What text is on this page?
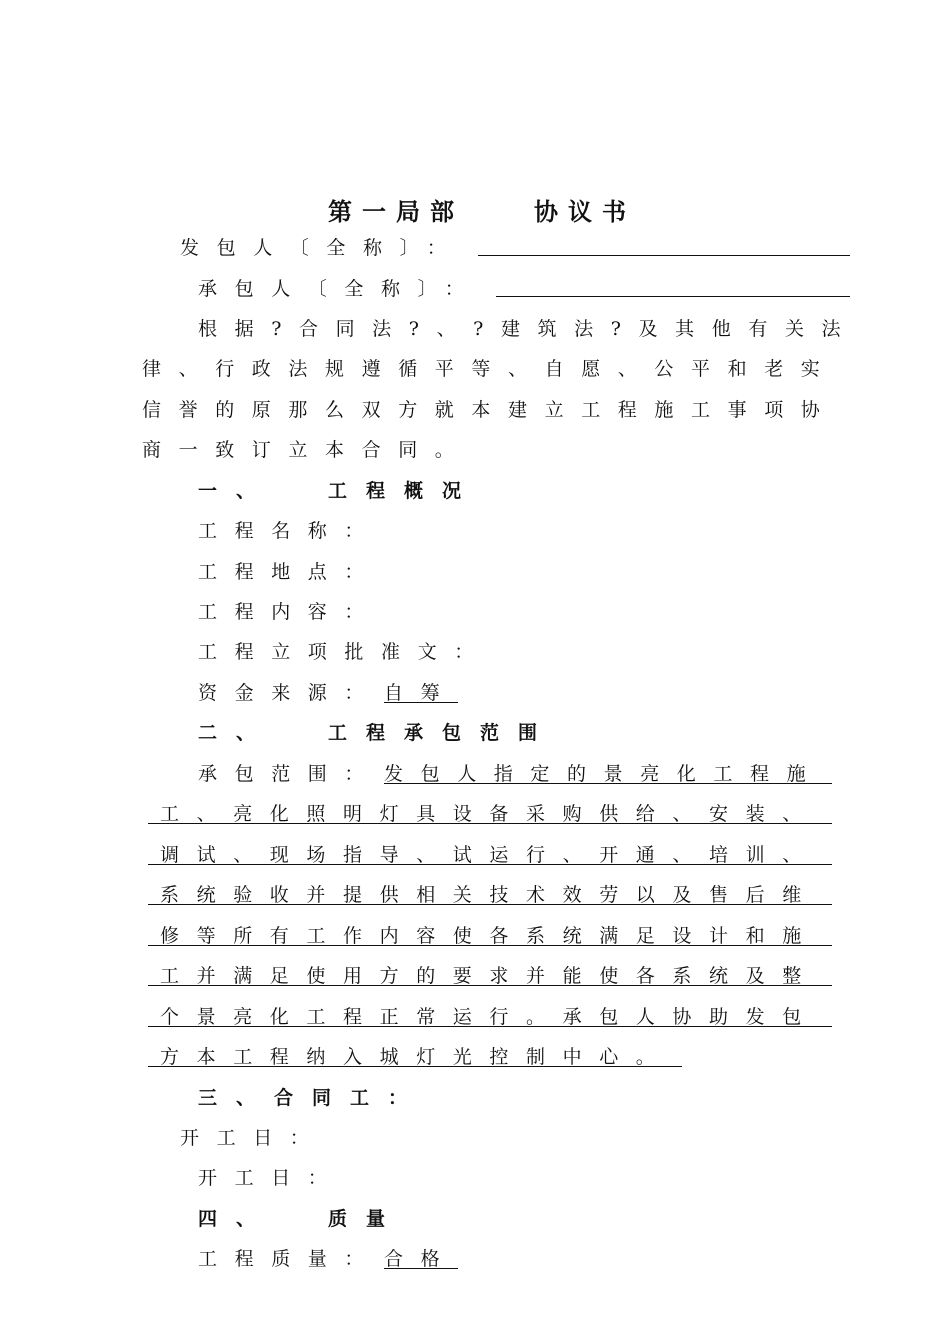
第一局部	协议书
发包人〔全称〕：
承包人〔全称〕：
根据?合同法?、?建筑法?及其他有关法
律、行政法规遵循平等、自愿、公平和老实
信誉的原那么双方就本建立工程施工事项协
商一致订立本合同。
一、	工程概况
工程名称：
工程地点：
工程内容：
工程立项批准文：
资金来源： 自筹
二、	工程承包范围
承包范围： 发包人指定的景亮化工程施
工、亮化照明灯具设备采购供给、安装、
调试、现场指导、试运行、开通、培训、
系统验收并提供相关技术效劳以及售后维
修等所有工作内容使各系统满足设计和施
工并满足使用方的要求并能使各系统及整
个景亮化工程正常运行。承包人协助发包
方本工程纳入城灯光控制中心。
三、合同工：
开工日：
开工日：
四、	质量
工程质量： 合格
